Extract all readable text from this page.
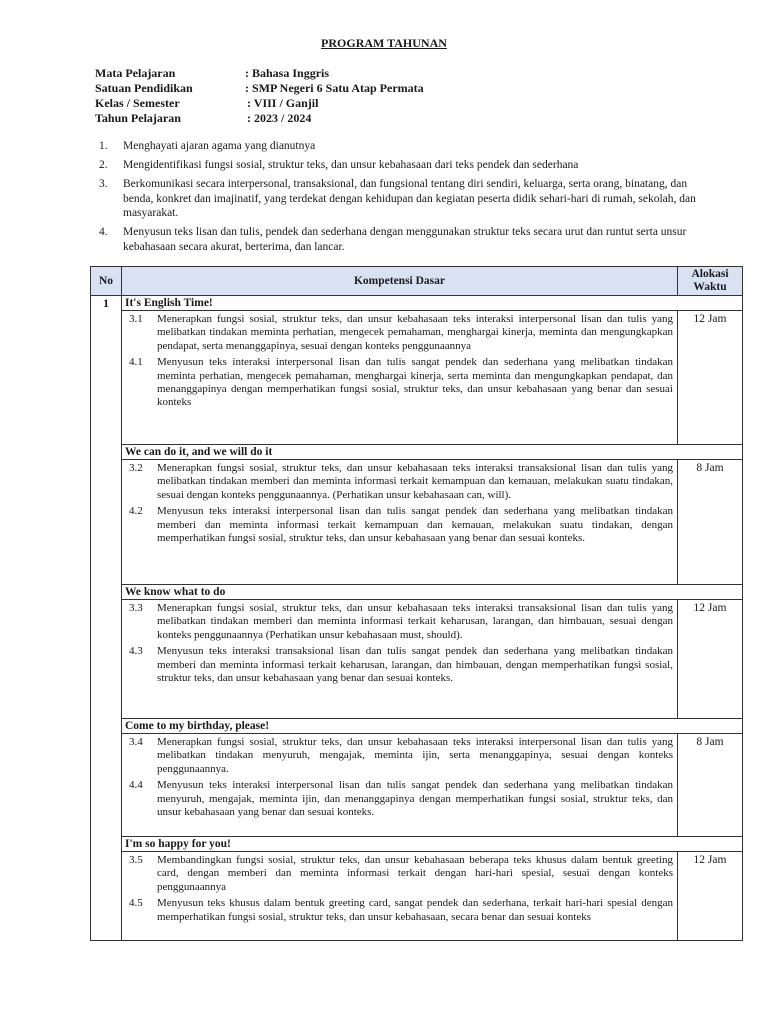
PROGRAM TAHUNAN
Mata Pelajaran	: Bahasa Inggris
Satuan Pendidikan	: SMP Negeri 6 Satu Atap Permata
Kelas / Semester	: VIII / Ganjil
Tahun Pelajaran	: 2023 / 2024
1.	Menghayati ajaran agama yang dianutnya
2.	Mengidentifikasi fungsi sosial, struktur teks, dan unsur kebahasaan dari teks pendek dan sederhana
3.	Berkomunikasi secara interpersonal, transaksional, dan fungsional tentang diri sendiri, keluarga, serta orang, binatang, dan benda, konkret dan imajinatif, yang terdekat dengan kehidupan dan kegiatan peserta didik sehari-hari di rumah, sekolah, dan masyarakat.
4.	Menyusun teks lisan dan tulis, pendek dan sederhana dengan menggunakan struktur teks secara urut dan runtut serta unsur kebahasaan secara akurat, berterima, dan lancar.
No	Kompetensi Dasar	Alokasi
Waktu
1	It's English Time!	

	3.1 Menerapkan fungsi sosial, struktur teks, dan unsur kebahasaan teks interaksi interpersonal lisan dan tulis yang melibatkan tindakan meminta perhatian, mengecek pemahaman, menghargai kinerja, meminta dan mengungkapkan pendapat, serta menanggapinya, sesuai dengan konteks penggunaannya
4.1 Menyusun teks interaksi interpersonal lisan dan tulis sangat pendek dan sederhana yang melibatkan tindakan meminta perhatian, mengecek pemahaman, menghargai kinerja, serta meminta dan mengungkapkan pendapat, dan menanggapinya dengan memperhatikan fungsi sosial, struktur teks, dan unsur kebahasaan yang benar dan sesuai konteks	12 Jam
	We can do it, and we will do it	

	3.2 Menerapkan fungsi sosial, struktur teks, dan unsur kebahasaan teks interaksi transaksional lisan dan tulis yang melibatkan tindakan memberi dan meminta informasi terkait kemampuan dan kemauan, melakukan suatu tindakan, sesuai dengan konteks penggunaannya. (Perhatikan unsur kebahasaan can, will).
4.2 Menyusun teks interaksi interpersonal lisan dan tulis sangat pendek dan sederhana yang melibatkan tindakan memberi dan meminta informasi terkait kemampuan dan kemauan, melakukan suatu tindakan, dengan memperhatikan fungsi sosial, struktur teks, dan unsur kebahasaan yang benar dan sesuai konteks.	8 Jam
	We know what to do	

	3.3 Menerapkan fungsi sosial, struktur teks, dan unsur kebahasaan teks interaksi transaksional lisan dan tulis yang melibatkan tindakan memberi dan meminta informasi terkait keharusan, larangan, dan himbauan, sesuai dengan konteks penggunaannya (Perhatikan unsur kebahasaan must, should).
4.3 Menyusun teks interaksi transaksional lisan dan tulis sangat pendek dan sederhana yang melibatkan tindakan memberi dan meminta informasi terkait keharusan, larangan, dan himbauan, dengan memperhatikan fungsi sosial, struktur teks, dan unsur kebahasaan yang benar dan sesuai konteks.	12 Jam
	Come to my birthday, please!	

	3.4 Menerapkan fungsi sosial, struktur teks, dan unsur kebahasaan teks interaksi interpersonal lisan dan tulis yang melibatkan tindakan menyuruh, mengajak, meminta ijin, serta menanggapinya, sesuai dengan konteks penggunaannya.
4.4 Menyusun teks interaksi interpersonal lisan dan tulis sangat pendek dan sederhana yang melibatkan tindakan menyuruh, mengajak, meminta ijin, dan menanggapinya dengan memperhatikan fungsi sosial, struktur teks, dan unsur kebahasaan yang benar dan sesuai konteks.	8 Jam
	I'm so happy for you!	

	3.5 Membandingkan fungsi sosial, struktur teks, dan unsur kebahasaan beberapa teks khusus dalam bentuk greeting card, dengan memberi dan meminta informasi terkait dengan hari-hari spesial, sesuai dengan konteks penggunaannya
4.5 Menyusun teks khusus dalam bentuk greeting card, sangat pendek dan sederhana, terkait hari-hari spesial dengan memperhatikan fungsi sosial, struktur teks, dan unsur kebahasaan, secara benar dan sesuai konteks	12 Jam
